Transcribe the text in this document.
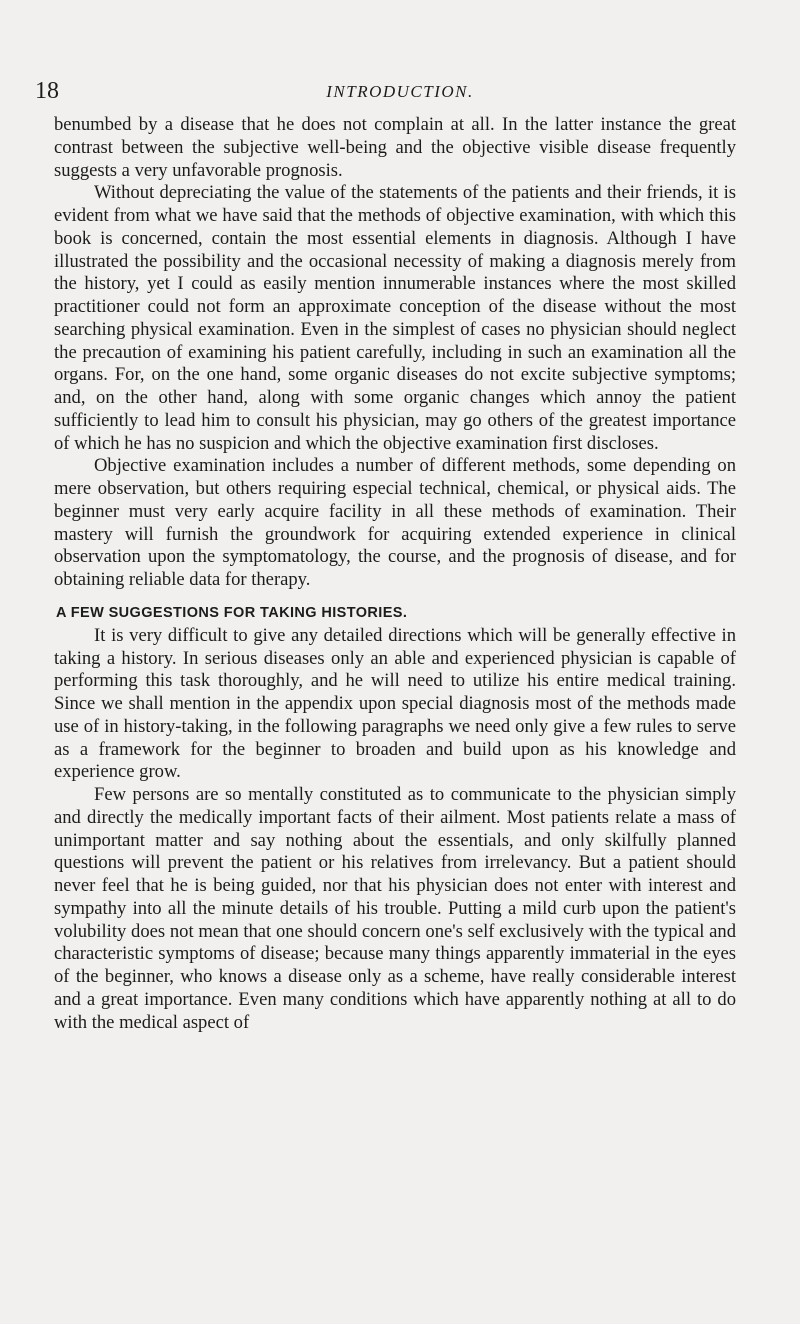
18	INTRODUCTION.

benumbed by a disease that he does not complain at all. In the latter instance the great contrast between the subjective well-being and the objective visible disease frequently suggests a very unfavorable prognosis.

Without depreciating the value of the statements of the patients and their friends, it is evident from what we have said that the methods of objective examination, with which this book is concerned, contain the most essential elements in diagnosis. Although I have illustrated the possibility and the occasional necessity of making a diagnosis merely from the history, yet I could as easily mention innumerable instances where the most skilled practitioner could not form an approximate conception of the disease without the most searching physical examination. Even in the simplest of cases no physician should neglect the precaution of examining his patient carefully, including in such an examination all the organs. For, on the one hand, some organic diseases do not excite subjective symptoms; and, on the other hand, along with some organic changes which annoy the patient sufficiently to lead him to consult his physician, may go others of the greatest importance of which he has no suspicion and which the objective examination first discloses.

Objective examination includes a number of different methods, some depending on mere observation, but others requiring especial technical, chemical, or physical aids. The beginner must very early acquire facility in all these methods of examination. Their mastery will furnish the groundwork for acquiring extended experience in clinical observation upon the symptomatology, the course, and the prognosis of disease, and for obtaining reliable data for therapy.

A FEW SUGGESTIONS FOR TAKING HISTORIES.

It is very difficult to give any detailed directions which will be generally effective in taking a history. In serious diseases only an able and experienced physician is capable of performing this task thoroughly, and he will need to utilize his entire medical training. Since we shall mention in the appendix upon special diagnosis most of the methods made use of in history-taking, in the following paragraphs we need only give a few rules to serve as a framework for the beginner to broaden and build upon as his knowledge and experience grow.

Few persons are so mentally constituted as to communicate to the physician simply and directly the medically important facts of their ailment. Most patients relate a mass of unimportant matter and say nothing about the essentials, and only skilfully planned questions will prevent the patient or his relatives from irrelevancy. But a patient should never feel that he is being guided, nor that his physician does not enter with interest and sympathy into all the minute details of his trouble. Putting a mild curb upon the patient's volubility does not mean that one should concern one's self exclusively with the typical and characteristic symptoms of disease; because many things apparently immaterial in the eyes of the beginner, who knows a disease only as a scheme, have really considerable interest and a great importance. Even many conditions which have apparently nothing at all to do with the medical aspect of
